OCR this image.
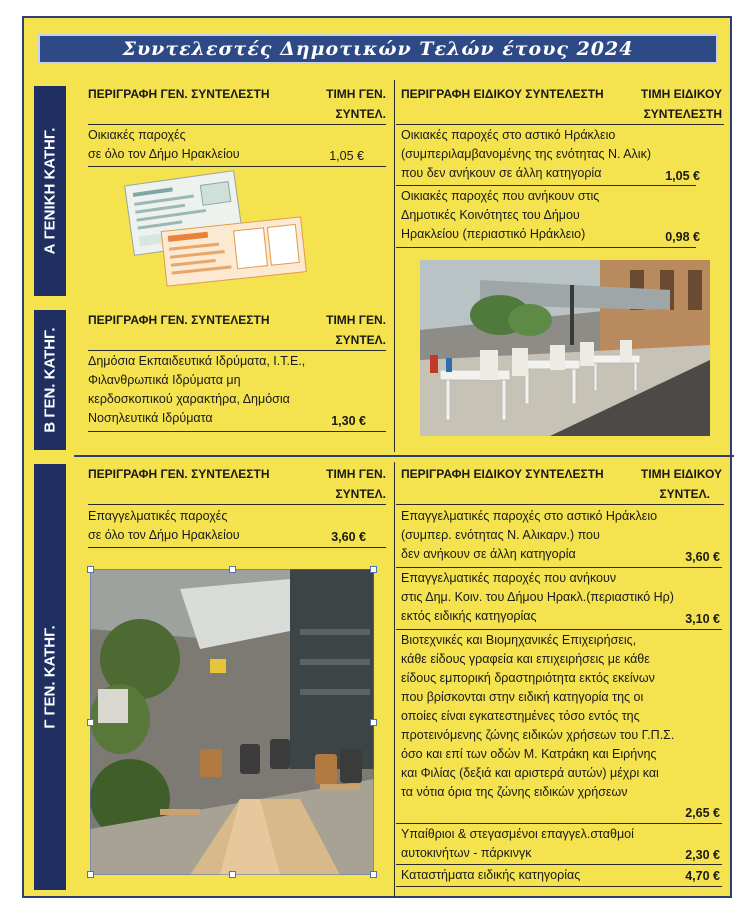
Συντελεστές Δημοτικών Τελών έτους 2024
Α ΓΕΝΙΚΗ ΚΑΤΗΓ.
Β ΓΕΝ. ΚΑΤΗΓ.
Γ ΓΕΝ. ΚΑΤΗΓ.
ΠΕΡΙΓΡΑΦΗ ΓΕΝ. ΣΥΝΤΕΛΕΣΤΗ	ΤΙΜΗ ΓΕΝ.
ΣΥΝΤΕΛ.
Οικιακές παροχές
σε όλο τον Δήμο Ηρακλείου	1,05 €
ΠΕΡΙΓΡΑΦΗ ΕΙΔΙΚΟΥ ΣΥΝΤΕΛΕΣΤΗ	ΤΙΜΗ ΕΙΔΙΚΟΥ
ΣΥΝΤΕΛΕΣΤΗ
Οικιακές παροχές στο αστικό Ηράκλειο
(συμπεριλαμβανομένης της ενότητας Ν. Αλικ)
που δεν ανήκουν σε άλλη κατηγορία	1,05 €
Οικιακές παροχές που ανήκουν στις
Δημοτικές Κοινότητες του Δήμου
Ηρακλείου (περιαστικό Ηράκλειο)	0,98 €
ΠΕΡΙΓΡΑΦΗ ΓΕΝ. ΣΥΝΤΕΛΕΣΤΗ	ΤΙΜΗ ΓΕΝ.
ΣΥΝΤΕΛ.
Δημόσια Εκπαιδευτικά Ιδρύματα, Ι.Τ.Ε.,
Φιλανθρωπικά Ιδρύματα μη
κερδοσκοπικού χαρακτήρα, Δημόσια
Νοσηλευτικά Ιδρύματα	1,30 €
ΠΕΡΙΓΡΑΦΗ ΓΕΝ. ΣΥΝΤΕΛΕΣΤΗ	ΤΙΜΗ ΓΕΝ.
ΣΥΝΤΕΛ.
Επαγγελματικές παροχές
σε όλο τον Δήμο Ηρακλείου	3,60 €
ΠΕΡΙΓΡΑΦΗ ΕΙΔΙΚΟΥ ΣΥΝΤΕΛΕΣΤΗ	ΤΙΜΗ ΕΙΔΙΚΟΥ
ΣΥΝΤΕΛ.
Επαγγελματικές παροχές στο αστικό Ηράκλειο
(συμπερ. ενότητας Ν. Αλικαρν.) που
δεν ανήκουν σε άλλη κατηγορία	3,60 €
Επαγγελματικές παροχές που ανήκουν
στις Δημ. Κοιν. του Δήμου Ηρακλ.(περιαστικό Ηρ)
εκτός ειδικής κατηγορίας	3,10 €
Βιοτεχνικές και Βιομηχανικές Επιχειρήσεις,
κάθε είδους γραφεία και επιχειρήσεις με κάθε
είδους εμπορική δραστηριότητα εκτός εκείνων
που βρίσκονται στην ειδική κατηγορία της οι
οποίες είναι εγκατεστημένες τόσο εντός της
προτεινόμενης ζώνης ειδικών χρήσεων του Γ.Π.Σ.
όσο και επί των οδών Μ. Κατράκη και Ειρήνης
και Φιλίας (δεξιά και αριστερά αυτών) μέχρι και
τα νότια όρια της ζώνης ειδικών χρήσεων
2,65 €
Υπαίθριοι & στεγασμένοι επαγγελ.σταθμοί
αυτοκινήτων - πάρκινγκ	2,30 €
Καταστήματα ειδικής κατηγορίας	4,70 €
